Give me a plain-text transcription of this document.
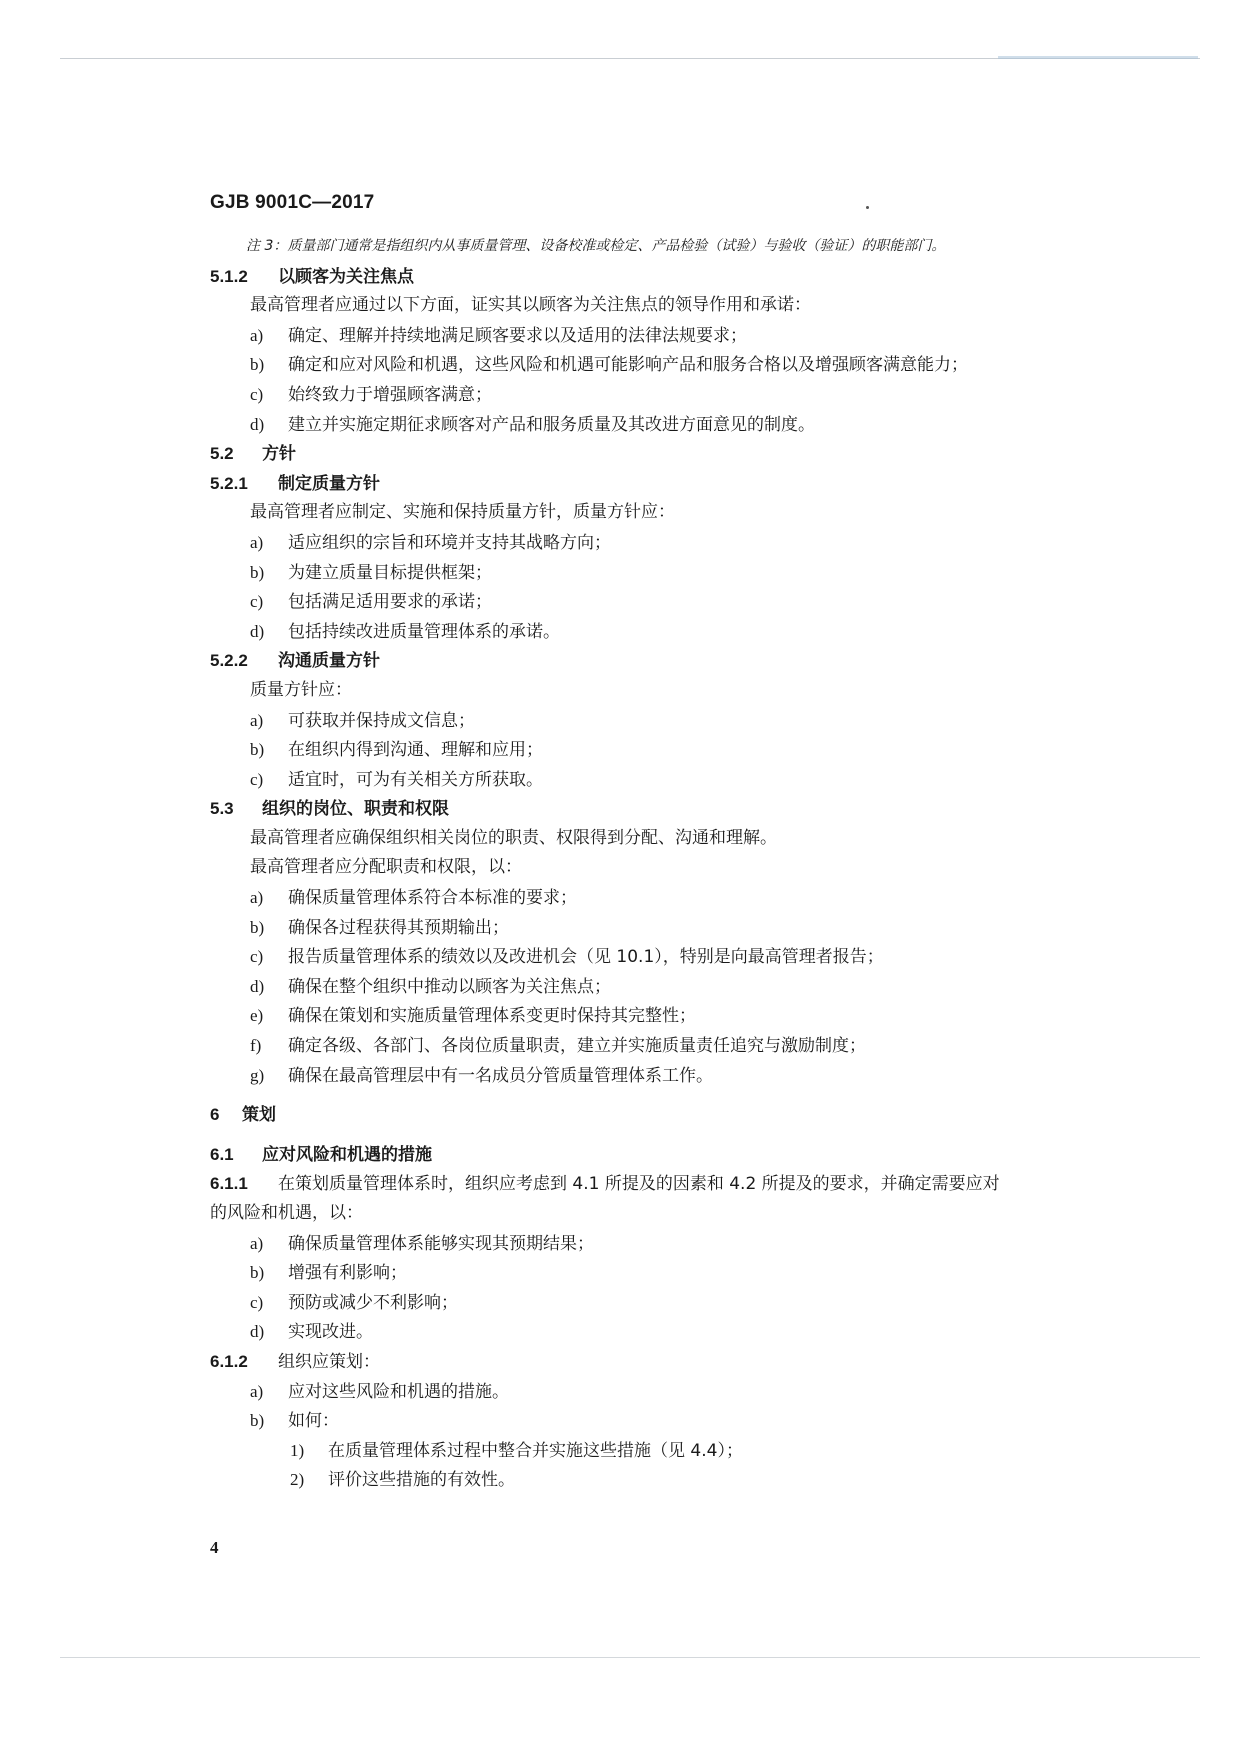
GJB 9001C—2017
注 3：质量部门通常是指组织内从事质量管理、设备校准或检定、产品检验（试验）与验收（验证）的职能部门。
5.1.2 以顾客为关注焦点
最高管理者应通过以下方面，证实其以顾客为关注焦点的领导作用和承诺：
a) 确定、理解并持续地满足顾客要求以及适用的法律法规要求；
b) 确定和应对风险和机遇，这些风险和机遇可能影响产品和服务合格以及增强顾客满意能力；
c) 始终致力于增强顾客满意；
d) 建立并实施定期征求顾客对产品和服务质量及其改进方面意见的制度。
5.2 方针
5.2.1 制定质量方针
最高管理者应制定、实施和保持质量方针，质量方针应：
a) 适应组织的宗旨和环境并支持其战略方向；
b) 为建立质量目标提供框架；
c) 包括满足适用要求的承诺；
d) 包括持续改进质量管理体系的承诺。
5.2.2 沟通质量方针
质量方针应：
a) 可获取并保持成文信息；
b) 在组织内得到沟通、理解和应用；
c) 适宜时，可为有关相关方所获取。
5.3 组织的岗位、职责和权限
最高管理者应确保组织相关岗位的职责、权限得到分配、沟通和理解。
最高管理者应分配职责和权限，以：
a) 确保质量管理体系符合本标准的要求；
b) 确保各过程获得其预期输出；
c) 报告质量管理体系的绩效以及改进机会（见 10.1），特别是向最高管理者报告；
d) 确保在整个组织中推动以顾客为关注焦点；
e) 确保在策划和实施质量管理体系变更时保持其完整性；
f) 确定各级、各部门、各岗位质量职责，建立并实施质量责任追究与激励制度；
g) 确保在最高管理层中有一名成员分管质量管理体系工作。
6 策划
6.1 应对风险和机遇的措施
6.1.1 在策划质量管理体系时，组织应考虑到 4.1 所提及的因素和 4.2 所提及的要求，并确定需要应对
的风险和机遇，以：
a) 确保质量管理体系能够实现其预期结果；
b) 增强有利影响；
c) 预防或减少不利影响；
d) 实现改进。
6.1.2 组织应策划：
a) 应对这些风险和机遇的措施。
b) 如何：
1) 在质量管理体系过程中整合并实施这些措施（见 4.4）；
2) 评价这些措施的有效性。
4
